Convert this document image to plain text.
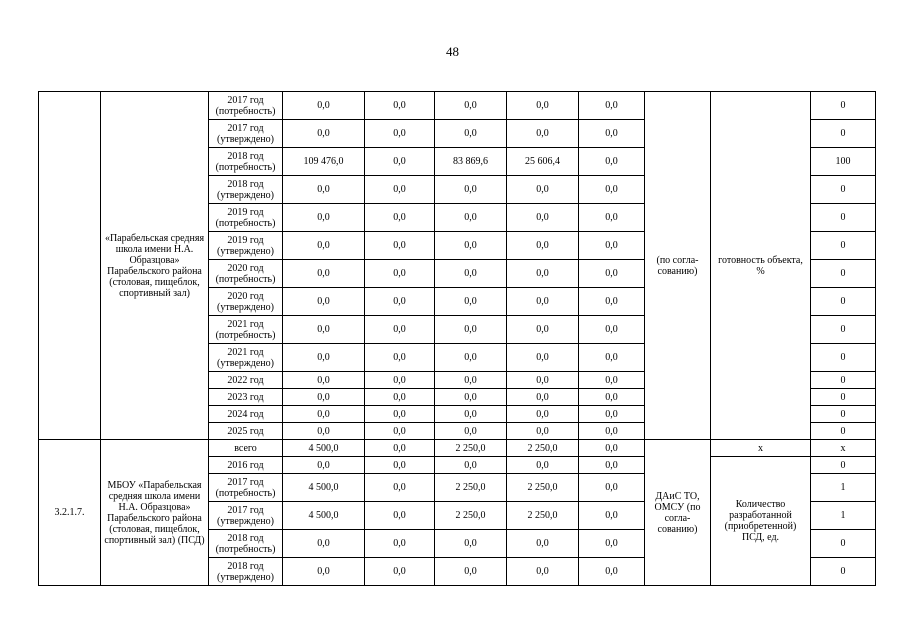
48
	«Парабельская средняя школа имени Н.А. Образцова» Парабельского района (столовая, пищеблок, спортивный зал)	2017 год (потребность)	0,0	0,0	0,0	0,0	0,0	(по согла-сованию)	готовность объекта, %	0
		2017 год (утверждено)	0,0	0,0	0,0	0,0	0,0			0
		2018 год (потребность)	109 476,0	0,0	83 869,6	25 606,4	0,0			100
		2018 год (утверждено)	0,0	0,0	0,0	0,0	0,0			0
		2019 год (потребность)	0,0	0,0	0,0	0,0	0,0			0
		2019 год (утверждено)	0,0	0,0	0,0	0,0	0,0			0
		2020 год (потребность)	0,0	0,0	0,0	0,0	0,0			0
		2020 год (утверждено)	0,0	0,0	0,0	0,0	0,0			0
		2021 год (потребность)	0,0	0,0	0,0	0,0	0,0			0
		2021 год (утверждено)	0,0	0,0	0,0	0,0	0,0			0
		2022 год	0,0	0,0	0,0	0,0	0,0			0
		2023 год	0,0	0,0	0,0	0,0	0,0			0
		2024 год	0,0	0,0	0,0	0,0	0,0			0
		2025 год	0,0	0,0	0,0	0,0	0,0			0
3.2.1.7.	МБОУ «Парабельская средняя школа имени Н.А. Образцова» Парабельского района (столовая, пищеблок, спортивный зал) (ПСД)	всего	4 500,0	0,0	2 250,0	2 250,0	0,0	ДАиС ТО, ОМСУ (по согла-сованию)	х	х
		2016 год	0,0	0,0	0,0	0,0	0,0		Количество разработанной (приобретенной) ПСД, ед.	0
		2017 год (потребность)	4 500,0	0,0	2 250,0	2 250,0	0,0			1
		2017 год (утверждено)	4 500,0	0,0	2 250,0	2 250,0	0,0			1
		2018 год (потребность)	0,0	0,0	0,0	0,0	0,0			0
		2018 год (утверждено)	0,0	0,0	0,0	0,0	0,0			0
